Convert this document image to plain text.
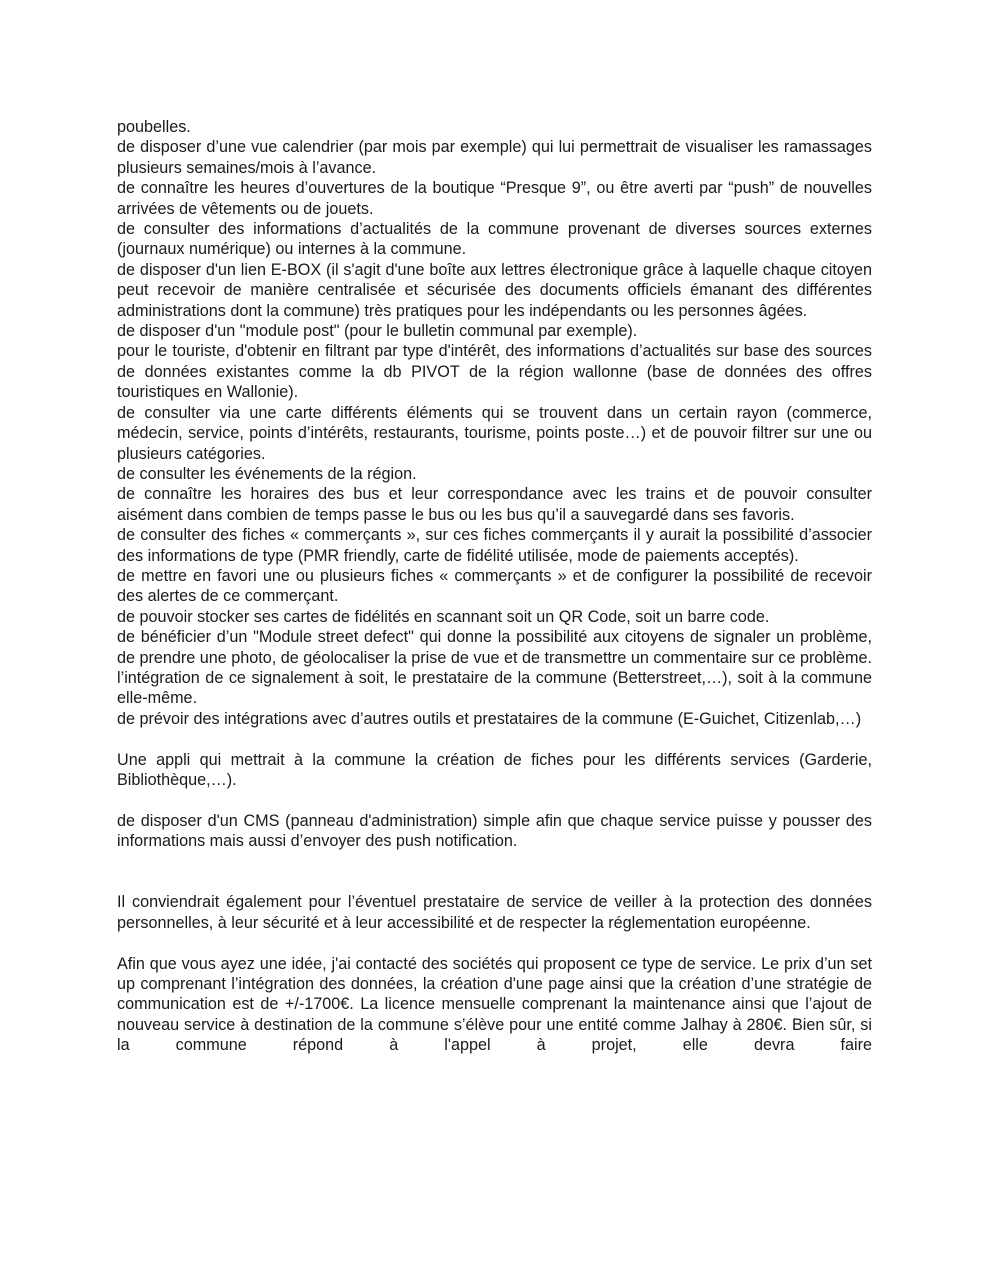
poubelles.

de disposer d’une vue calendrier (par mois par exemple) qui lui permettrait de visualiser les ramassages plusieurs semaines/mois à l’avance.

de connaître les heures d’ouvertures de la boutique “Presque 9”, ou être averti par “push” de nouvelles arrivées de vêtements ou de jouets.

de consulter des informations d’actualités de la commune provenant de diverses sources externes (journaux numérique) ou internes à la commune.

de disposer d'un lien E-BOX (il s'agit d'une boîte aux lettres électronique grâce à laquelle chaque citoyen peut recevoir de manière centralisée et sécurisée des documents officiels émanant des différentes administrations dont la commune) très pratiques pour les indépendants ou les personnes âgées.

de disposer d'un "module post" (pour le bulletin communal par exemple).

pour le touriste, d'obtenir en filtrant par type d'intérêt, des informations d’actualités sur base des sources de données existantes comme la db PIVOT de la région wallonne (base de données des offres touristiques en Wallonie).

de consulter via une carte différents éléments qui se trouvent dans un certain rayon (commerce, médecin, service, points d’intérêts, restaurants, tourisme, points poste…) et de pouvoir filtrer sur une ou plusieurs catégories.

de consulter les événements de la région.

de connaître les horaires des bus et leur correspondance avec les trains et de pouvoir consulter aisément dans combien de temps passe le bus ou les bus qu’il a sauvegardé dans ses favoris.

de consulter des fiches « commerçants », sur ces fiches commerçants il y aurait la possibilité d’associer des informations de type (PMR friendly, carte de fidélité utilisée, mode de paiements acceptés).

de mettre en favori une ou plusieurs fiches « commerçants » et de configurer la possibilité de recevoir des alertes de ce commerçant.

de pouvoir stocker ses cartes de fidélités en scannant soit un QR Code, soit un barre code.

de bénéficier d’un "Module street defect" qui donne la possibilité aux citoyens de signaler un problème, de prendre une photo, de géolocaliser la prise de vue et de transmettre un commentaire sur ce problème.

l’intégration de ce signalement à soit, le prestataire de la commune (Betterstreet,…), soit à la commune elle-même.

de prévoir des intégrations avec d’autres outils et prestataires de la commune (E-Guichet, Citizenlab,…)

Une appli qui mettrait à la commune la création de fiches pour les différents services (Garderie, Bibliothèque,…).

de disposer d'un CMS (panneau d'administration) simple afin que chaque service puisse y pousser des informations mais aussi d’envoyer des push notification.

Il conviendrait également pour l’éventuel prestataire de service de veiller à la protection des données personnelles, à leur sécurité et à leur accessibilité et de respecter la réglementation européenne.

Afin que vous ayez une idée, j'ai contacté des sociétés qui proposent ce type de service. Le prix d’un set up comprenant l’intégration des données, la création d'une page ainsi que la création d’une stratégie de communication est de +/-1700€. La licence mensuelle comprenant la maintenance ainsi que l’ajout de nouveau service à destination de la commune s’élève pour une entité comme Jalhay à 280€. Bien sûr, si la commune répond à l'appel à projet, elle devra faire
